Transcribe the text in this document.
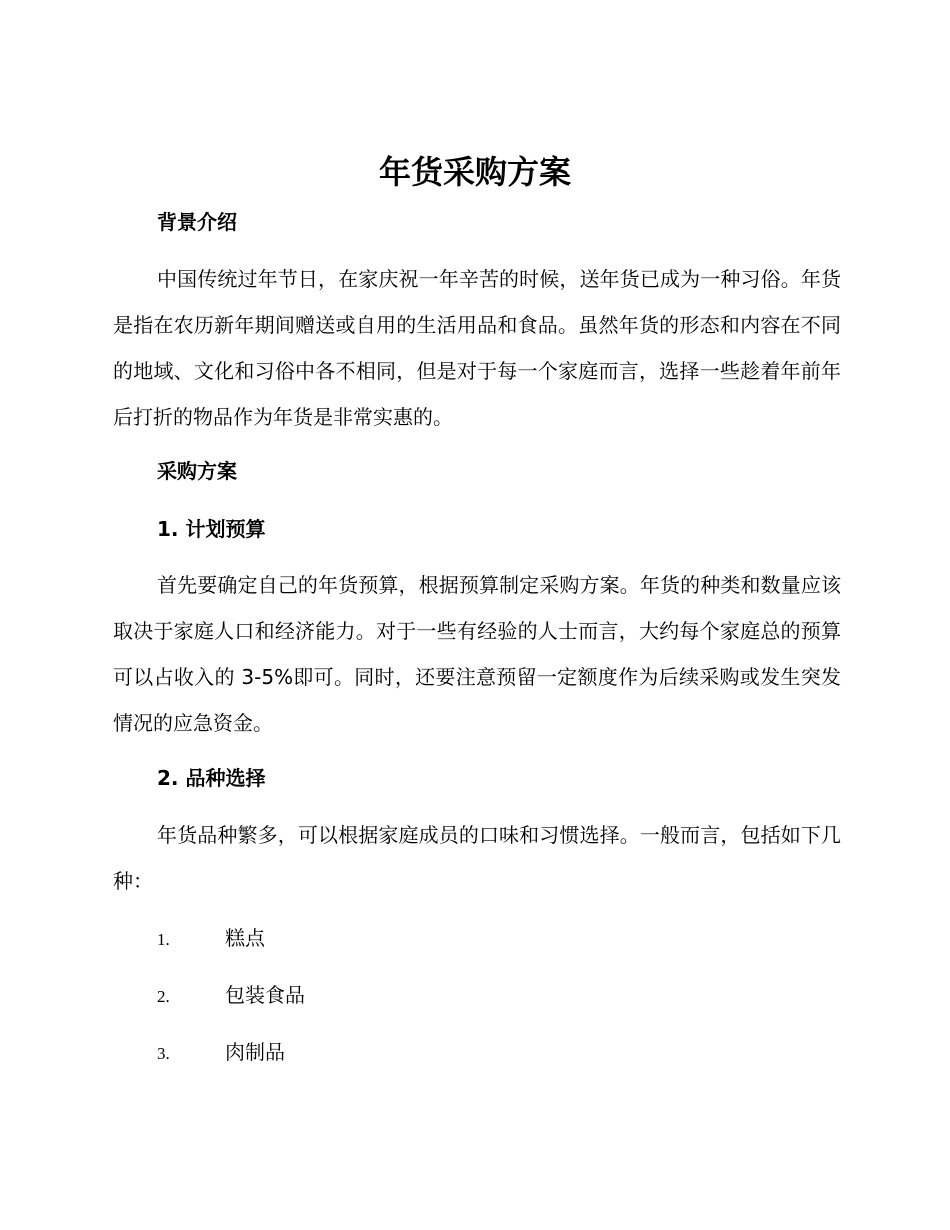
年货采购方案
背景介绍

中国传统过年节日，在家庆祝一年辛苦的时候，送年货已成为一种习俗。年货是指在农历新年期间赠送或自用的生活用品和食品。虽然年货的形态和内容在不同的地域、文化和习俗中各不相同，但是对于每一个家庭而言，选择一些趁着年前年后打折的物品作为年货是非常实惠的。

采购方案
1. 计划预算

首先要确定自己的年货预算，根据预算制定采购方案。年货的种类和数量应该取决于家庭人口和经济能力。对于一些有经验的人士而言，大约每个家庭总的预算可以占收入的 3-5%即可。同时，还要注意预留一定额度作为后续采购或发生突发情况的应急资金。

2. 品种选择

年货品种繁多，可以根据家庭成员的口味和习惯选择。一般而言，包括如下几种：

1.	糕点
2.	包装食品
3.	肉制品
